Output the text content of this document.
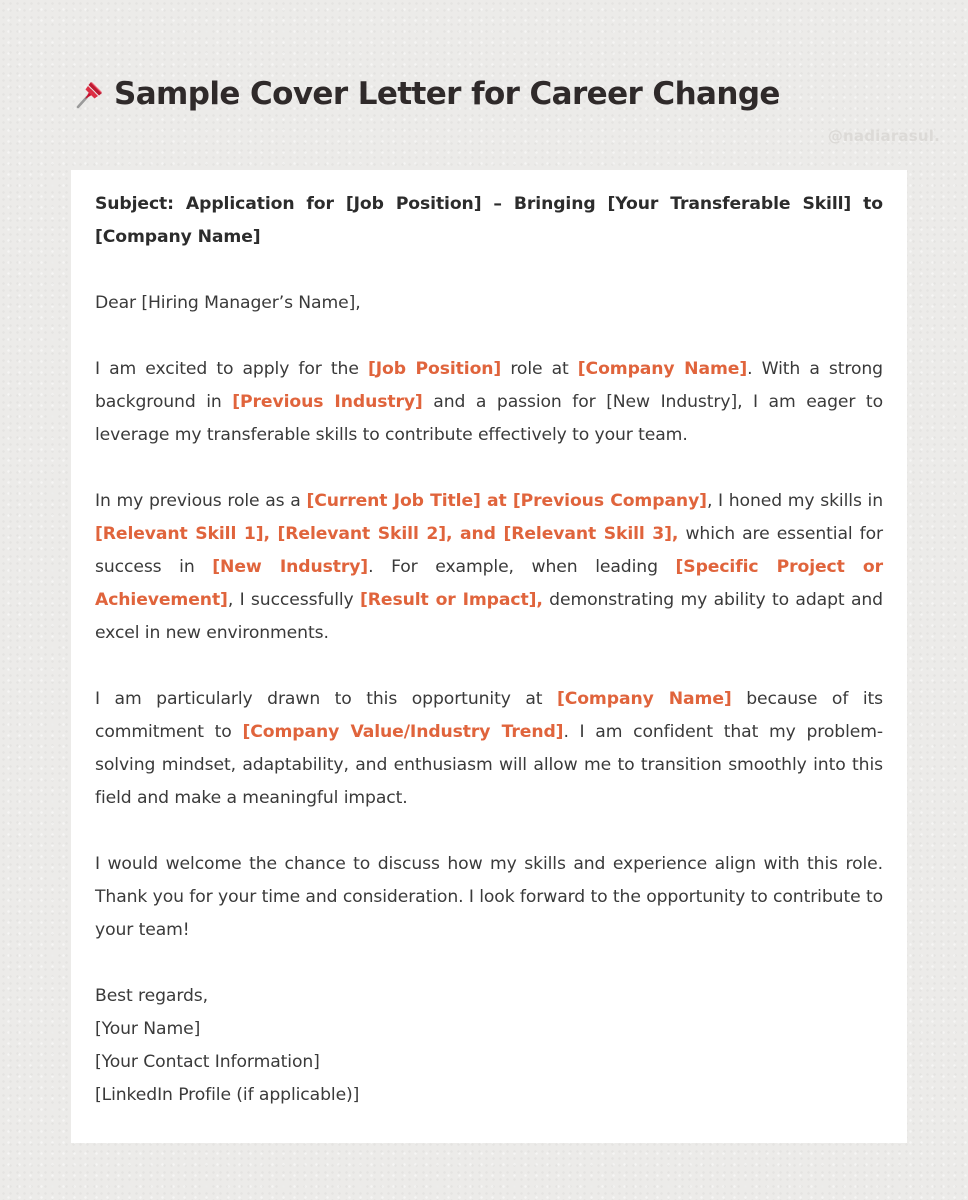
Sample Cover Letter for Career Change
@nadiarasul.

Subject: Application for [Job Position] – Bringing [Your Transferable Skill] to [Company Name]

Dear [Hiring Manager’s Name],

I am excited to apply for the [Job Position] role at [Company Name]. With a strong background in [Previous Industry] and a passion for [New Industry], I am eager to leverage my transferable skills to contribute effectively to your team.

In my previous role as a [Current Job Title] at [Previous Company], I honed my skills in [Relevant Skill 1], [Relevant Skill 2], and [Relevant Skill 3], which are essential for success in [New Industry]. For example, when leading [Specific Project or Achievement], I successfully [Result or Impact], demonstrating my ability to adapt and excel in new environments.

I am particularly drawn to this opportunity at [Company Name] because of its commitment to [Company Value/Industry Trend]. I am confident that my problem-solving mindset, adaptability, and enthusiasm will allow me to transition smoothly into this field and make a meaningful impact.

I would welcome the chance to discuss how my skills and experience align with this role. Thank you for your time and consideration. I look forward to the opportunity to contribute to your team!

Best regards,
[Your Name]
[Your Contact Information]
[LinkedIn Profile (if applicable)]
